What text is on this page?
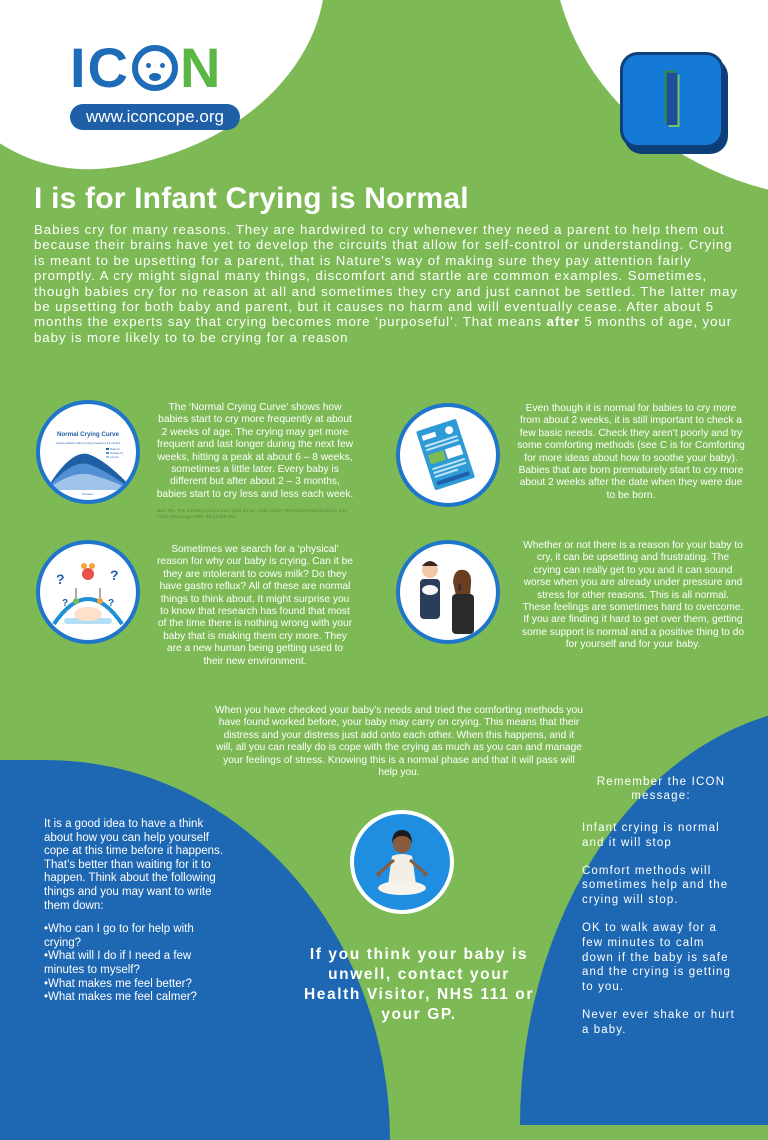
IC N
www.iconcope.org	I
I is for Infant Crying is Normal

Babies cry for many reasons. They are hardwired to cry whenever they need a parent to help them out because their brains have yet to develop the circuits that allow for self-control or understanding. Crying is meant to be upsetting for a parent, that is Nature’s way of making sure they pay attention fairly promptly. A cry might signal many things, discomfort and startle are common examples. Sometimes, though babies cry for no reason at all and sometimes they cry and just cannot be settled. The latter may be upsetting for both baby and parent, but it causes no harm and will eventually cease. After about 5 months the experts say that crying becomes more ‘purposeful’. That means after 5 months of age, your baby is more likely to to be crying for a reason

Normal Crying Curve
Curves of Early Infant Crying 2 weeks to 4.5 months
Peak Cry
Average Cry
Low Cry
2 weeks	6-8 weeks	4-5 months

The ‘Normal Crying Curve’ shows how babies start to cry more frequently at about 2 weeks of age. The crying may get more frequent and last longer during the next few weeks, hitting a peak at about 6 – 8 weeks, sometimes a little later. Every baby is different but after about 2 – 3 months, babies start to cry less and less each week.

Barr RG. The normal crying curve: what do we really know? Developmental Medicine and Child Neurology 1990; 32(4):356-362

Even though it is normal for babies to cry more from about 2 weeks, it is still important to check a few basic needs. Check they aren’t poorly and try some comforting methods (see C is for Comforting for more ideas about how to soothe your baby). Babies that are born prematurely start to cry more about 2 weeks after the date when they were due to be born.

?	?
?	?

Sometimes we search for a ‘physical’ reason for why our baby is crying. Can it be they are intolerant to cows milk? Do they have gastro reflux? All of these are normal things to think about. It might surprise you to know that research has found that most of the time there is nothing wrong with your baby that is making them cry more. They are a new human being getting used to their new environment.

Whether or not there is a reason for your baby to cry, it can be upsetting and frustrating. The crying can really get to you and it can sound worse when you are already under pressure and stress for other reasons. This is all normal. These feelings are sometimes hard to overcome. If you are finding it hard to get over them, getting some support is normal and a positive thing to do for yourself and for your baby.

When you have checked your baby’s needs and tried the comforting methods you have found worked before, your baby may carry on crying. This means that their distress and your distress just add onto each other. When this happens, and it will, all you can really do is cope with the crying as much as you can and manage your feelings of stress. Knowing this is a normal phase and that it will pass will help you.

It is a good idea to have a think about how you can help yourself cope at this time before it happens. That’s better than waiting for it to happen. Think about the following things and you may want to write them down:

• Who can I go to for help with crying?
• What will I do if I need a few minutes to myself?
• What makes me feel better?
• What makes me feel calmer?

If you think your baby is unwell, contact your Health Visitor, NHS 111 or your GP.

Remember the ICON message:

Infant crying is normal and it will stop

Comfort methods will sometimes help and the crying will stop.

OK to walk away for a few minutes to calm down if the baby is safe and the crying is getting to you.

Never ever shake or hurt a baby.
